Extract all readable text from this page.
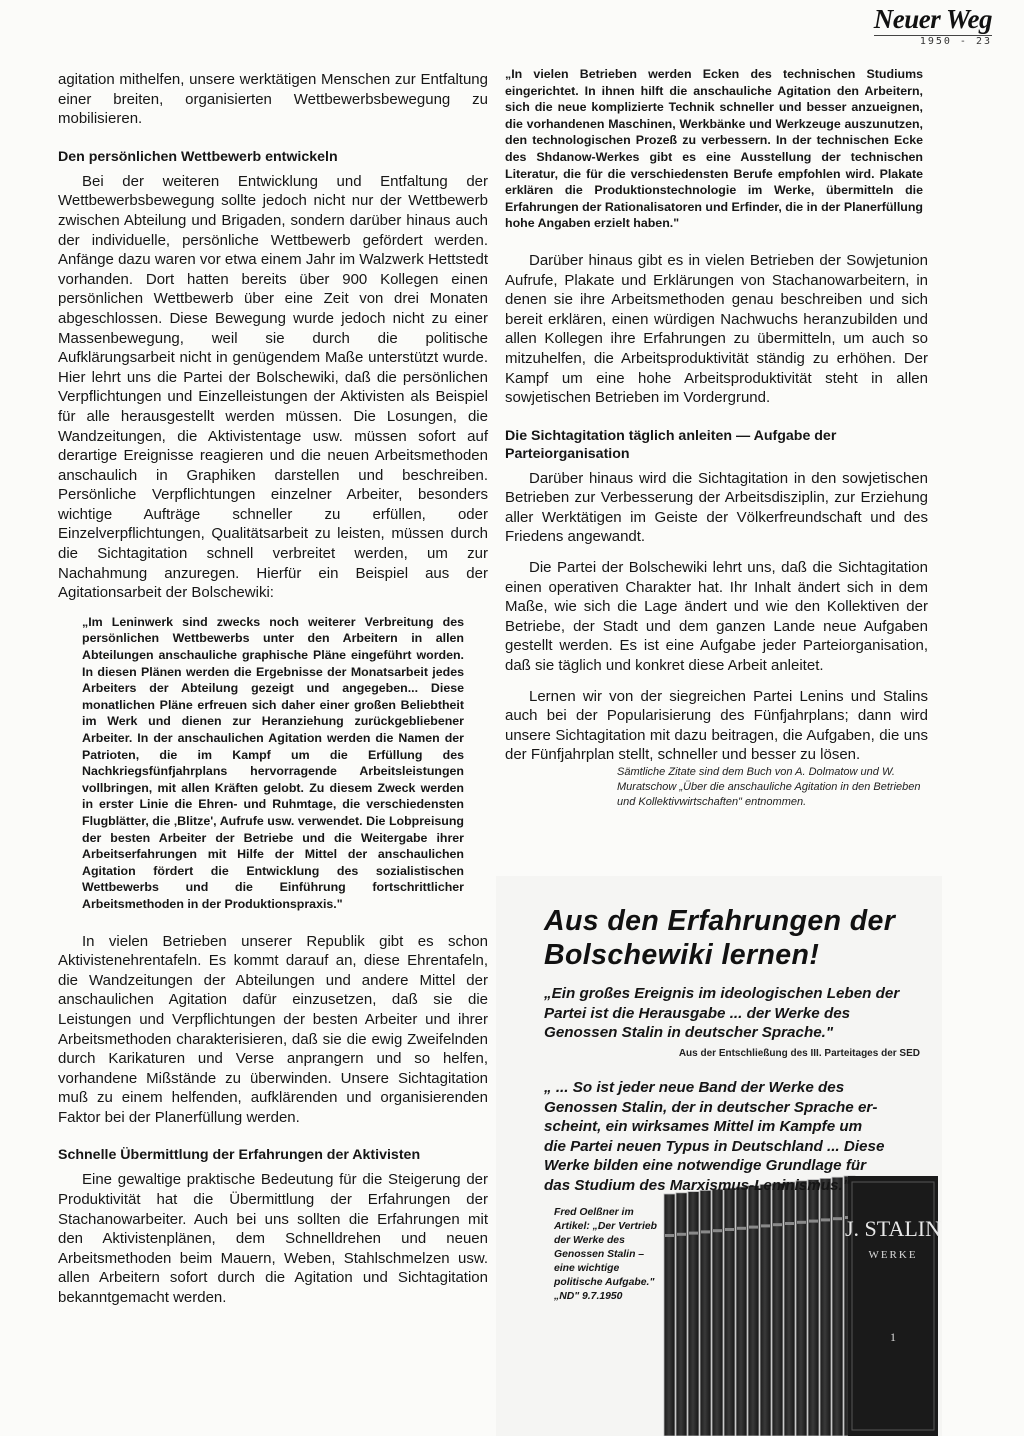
Neuer Weg
1950 - 23

agitation mithelfen, unsere werktätigen Menschen zur Entfaltung einer breiten, organisierten Wettbewerbsbewegung zu mobilisieren.

Den persönlichen Wettbewerb entwickeln

Bei der weiteren Entwicklung und Entfaltung der Wettbewerbsbewegung sollte jedoch nicht nur der Wettbewerb zwischen Abteilung und Brigaden, sondern darüber hinaus auch der individuelle, persönliche Wettbewerb gefördert werden. Anfänge dazu waren vor etwa einem Jahr im Walzwerk Hettstedt vorhanden. Dort hatten bereits über 900 Kollegen einen persönlichen Wettbewerb über eine Zeit von drei Monaten abgeschlossen. Diese Bewegung wurde jedoch nicht zu einer Massenbewegung, weil sie durch die politische Aufklärungsarbeit nicht in genügendem Maße unterstützt wurde. Hier lehrt uns die Partei der Bolschewiki, daß die persönlichen Verpflichtungen und Einzelleistungen der Aktivisten als Beispiel für alle herausgestellt werden müssen. Die Losungen, die Wandzeitungen, die Aktivistentage usw. müssen sofort auf derartige Ereignisse reagieren und die neuen Arbeitsmethoden anschaulich in Graphiken darstellen und beschreiben. Persönliche Verpflichtungen einzelner Arbeiter, besonders wichtige Aufträge schneller zu erfüllen, oder Einzelverpflichtungen, Qualitätsarbeit zu leisten, müssen durch die Sichtagitation schnell verbreitet werden, um zur Nachahmung anzuregen. Hierfür ein Beispiel aus der Agitationsarbeit der Bolschewiki:

„Im Leninwerk sind zwecks noch weiterer Verbreitung des persönlichen Wettbewerbs unter den Arbeitern in allen Abteilungen anschauliche graphische Pläne eingeführt worden. In diesen Plänen werden die Ergebnisse der Monatsarbeit jedes Arbeiters der Abteilung gezeigt und angegeben... Diese monatlichen Pläne erfreuen sich daher einer großen Beliebtheit im Werk und dienen zur Heranziehung zurückgebliebener Arbeiter. In der anschaulichen Agitation werden die Namen der Patrioten, die im Kampf um die Erfüllung des Nachkriegsfünfjahrplans hervorragende Arbeitsleistungen vollbringen, mit allen Kräften gelobt. Zu diesem Zweck werden in erster Linie die Ehren- und Ruhmtage, die verschiedensten Flugblätter, die ‚Blitze', Aufrufe usw. verwendet. Die Lobpreisung der besten Arbeiter der Betriebe und die Weitergabe ihrer Arbeitserfahrungen mit Hilfe der Mittel der anschaulichen Agitation fördert die Entwicklung des sozialistischen Wettbewerbs und die Einführung fortschrittlicher Arbeitsmethoden in der Produktionspraxis."

In vielen Betrieben unserer Republik gibt es schon Aktivistenehrentafeln. Es kommt darauf an, diese Ehrentafeln, die Wandzeitungen der Abteilungen und andere Mittel der anschaulichen Agitation dafür einzusetzen, daß sie die Leistungen und Verpflichtungen der besten Arbeiter und ihrer Arbeitsmethoden charakterisieren, daß sie die ewig Zweifelnden durch Karikaturen und Verse anprangern und so helfen, vorhandene Mißstände zu überwinden. Unsere Sichtagitation muß zu einem helfenden, aufklärenden und organisierenden Faktor bei der Planerfüllung werden.

Schnelle Übermittlung der Erfahrungen der Aktivisten

Eine gewaltige praktische Bedeutung für die Steigerung der Produktivität hat die Übermittlung der Erfahrungen der Stachanowarbeiter. Auch bei uns sollten die Erfahrungen mit den Aktivistenplänen, dem Schnelldrehen und neuen Arbeitsmethoden beim Mauern, Weben, Stahlschmelzen usw. allen Arbeitern sofort durch die Agitation und Sichtagitation bekanntgemacht werden.

„In vielen Betrieben werden Ecken des technischen Studiums eingerichtet. In ihnen hilft die anschauliche Agitation den Arbeitern, sich die neue komplizierte Technik schneller und besser anzueignen, die vorhandenen Maschinen, Werkbänke und Werkzeuge auszunutzen, den technologischen Prozeß zu verbessern. In der technischen Ecke des Shdanow-Werkes gibt es eine Ausstellung der technischen Literatur, die für die verschiedensten Berufe empfohlen wird. Plakate erklären die Produktionstechnologie im Werke, übermitteln die Erfahrungen der Rationalisatoren und Erfinder, die in der Planerfüllung hohe Angaben erzielt haben."

Darüber hinaus gibt es in vielen Betrieben der Sowjetunion Aufrufe, Plakate und Erklärungen von Stachanowarbeitern, in denen sie ihre Arbeitsmethoden genau beschreiben und sich bereit erklären, einen würdigen Nachwuchs heranzubilden und allen Kollegen ihre Erfahrungen zu übermitteln, um auch so mitzuhelfen, die Arbeitsproduktivität ständig zu erhöhen. Der Kampf um eine hohe Arbeitsproduktivität steht in allen sowjetischen Betrieben im Vordergrund.

Die Sichtagitation täglich anleiten — Aufgabe der Parteiorganisation

Darüber hinaus wird die Sichtagitation in den sowjetischen Betrieben zur Verbesserung der Arbeitsdisziplin, zur Erziehung aller Werktätigen im Geiste der Völkerfreundschaft und des Friedens angewandt.

Die Partei der Bolschewiki lehrt uns, daß die Sichtagitation einen operativen Charakter hat. Ihr Inhalt ändert sich in dem Maße, wie sich die Lage ändert und wie den Kollektiven der Betriebe, der Stadt und dem ganzen Lande neue Aufgaben gestellt werden. Es ist eine Aufgabe jeder Parteiorganisation, daß sie täglich und konkret diese Arbeit anleitet.

Lernen wir von der siegreichen Partei Lenins und Stalins auch bei der Popularisierung des Fünfjahrplans; dann wird unsere Sichtagitation mit dazu beitragen, die Aufgaben, die uns der Fünfjahrplan stellt, schneller und besser zu lösen.

Sämtliche Zitate sind dem Buch von A. Dolmatow und W. Muratschow „Über die anschauliche Agitation in den Betrieben und Kollektivwirtschaften" entnommen.

J. STALIN
WERKE
1
Aus den Erfahrungen der
Bolschewiki lernen!
„Ein großes Ereignis im ideologischen Leben der Partei ist die Herausgabe ... der Werke des Genossen Stalin in deutscher Sprache."
Aus der Entschließung des III. Parteitages der SED
„ ... So ist jeder neue Band der Werke des
Genossen Stalin, der in deutscher Sprache er-
scheint, ein wirksames Mittel im Kampfe um
die Partei neuen Typus in Deutschland ... Diese
Werke bilden eine notwendige Grundlage für
das Studium des Marxismus-Leninismus."
Fred Oelßner im Artikel: „Der Vertrieb der Werke des Genossen Stalin – eine wichtige politische Aufgabe." „ND" 9.7.1950
